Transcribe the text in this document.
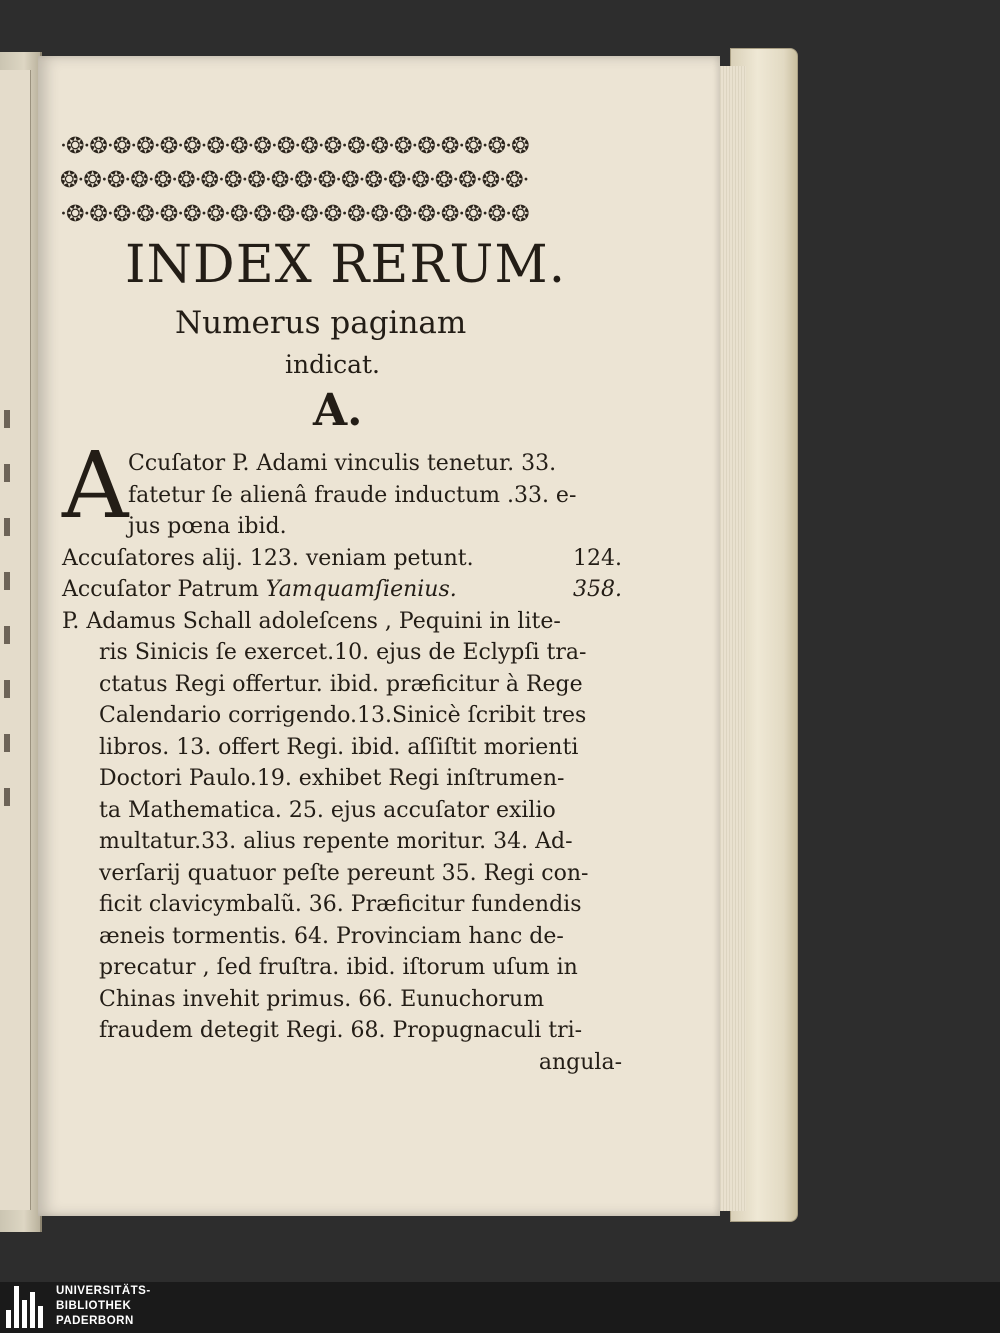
·❂·❂·❂·❂·❂·❂·❂·❂·❂·❂·❂·❂·❂·❂·❂·❂·❂·❂·❂·❂
❂·❂·❂·❂·❂·❂·❂·❂·❂·❂·❂·❂·❂·❂·❂·❂·❂·❂·❂·❂·
·❂·❂·❂·❂·❂·❂·❂·❂·❂·❂·❂·❂·❂·❂·❂·❂·❂·❂·❂·❂
INDEX RERUM.
Numerus paginam
indicat.
A.
A Ccuſator P. Adami vinculis tenetur. 33.
fatetur ſe alienâ fraude inductum .33. e-
jus pœna ibid.
Accuſatores alij. 123. veniam petunt.	124.
Accuſator Patrum Yamquamſienius.	358.
P. Adamus Schall adoleſcens , Pequini in lite-
ris Sinicis ſe exercet.10. ejus de Eclypſi tra-
ctatus Regi offertur. ibid. præficitur à Rege
Calendario corrigendo.13.Sinicè ſcribit tres
libros. 13. offert Regi. ibid. aſſiſtit morienti
Doctori Paulo.19. exhibet Regi inſtrumen-
ta Mathematica. 25. ejus accuſator exilio
multatur.33. alius repente moritur. 34. Ad-
verſarij quatuor peſte pereunt 35. Regi con-
ficit clavicymbalũ. 36. Præficitur fundendis
æneis tormentis. 64. Provinciam hanc de-
precatur , ſed fruſtra. ibid. iſtorum uſum in
Chinas invehit primus. 66. Eunuchorum
fraudem detegit Regi. 68. Propugnaculi tri-
angula-
UNIVERSITÄTS-
BIBLIOTHEK
PADERBORN
